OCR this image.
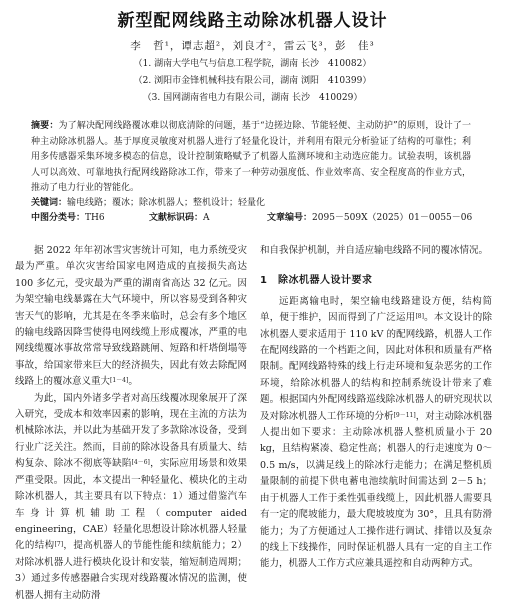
新型配网线路主动除冰机器人设计
李　哲¹，谭志超²，刘良才²，雷云飞³，彭　佳³
（1. 湖南大学电气与信息工程学院，湖南 长沙　410082）
（2. 浏阳市金锋机械科技有限公司，湖南 浏阳　410399）
（3. 国网湖南省电力有限公司，湖南 长沙　410029）
摘要：为了解决配网线路覆冰难以彻底清除的问题，基于“边搓边除、节能轻便、主动防护”的原则，设计了一种主动除冰机器人。基于厚度灵敏度对机器人进行了轻量化设计，并利用有限元分析验证了结构的可靠性；利用多传感器采集环境多模态的信息，设计控制策略赋予了机器人监测环境和主动选应能力。试验表明，该机器人可以高效、可靠地执行配网线路除冰工作，带来了一种劳动强度低、作业效率高、安全程度高的作业方式，推动了电力行业的智能化。
关键词：输电线路；覆冰；除冰机器人；整机设计；轻量化
中图分类号：TH6	文献标识码：A	文章编号：2095－509X（2025）01－0055－06

据 2022 年年初冰雪灾害统计可知，电力系统受灾最为严重。单次灾害给国家电网造成的直接损失高达 100 多亿元，受灾最为严重的湖南省高达 32 亿元。因为架空输电线暴露在大气环境中，所以容易受到各种灾害天气的影响，尤其是在冬季来临时，总会有多个地区的输电线路因降雪使得电网线缆上形成覆冰，严重的电网线缆覆冰事故常常导致线路跳闸、短路和杆塔倒塌等事故，给国家带来巨大的经济损失，因此有效去除配网线路上的覆冰意义重大[1－4]。

为此，国内外诸多学者对高压线覆冰现象展开了深入研究，受成本和效率因素的影响，现在主流的方法为机械除冰法，并以此为基础开发了多款除冰设备，受到行业广泛关注。然而，目前的除冰设备具有质量大、结构复杂、除冰不彻底等缺陷[4－6]，实际应用场景和效果严重受限。因此，本文提出一种轻量化、模块化的主动除冰机器人，其主要具有以下特点：1）通过借鉴汽车车身计算机辅助工程（computer aided engineering，CAE）轻量化思想设计除冰机器人轻量化的结构[7]，提高机器人的节能性能和续航能力；2）对除冰机器人进行模块化设计和安装，缩短制造周期；3）通过多传感器融合实现对线路覆冰情况的监测，使机器人拥有主动防滑

和自我保护机制，并自适应输电线路不同的覆冰情况。

1　除冰机器人设计要求

远距离输电时，架空输电线路建设方便，结构简单，便于维护，因而得到了广泛运用[8]。本文设计的除冰机器人要求适用于 110 kV 的配网线路，机器人工作在配网线路的一个档距之间，因此对体积和质量有严格限制。配网线路特殊的线上行走环境和复杂恶劣的工作环境，给除冰机器人的结构和控制系统设计带来了难题。根据国内外配网线路巡线除冰机器人的研究现状以及对除冰机器人工作环境的分析[9－11]，对主动除冰机器人提出如下要求：主动除冰机器人整机质量小于 20 kg，且结构紧凑、稳定性高；机器人的行走速度为 0～0.5 m/s，以满足线上的除冰行走能力；在满足整机质量限制的前提下供电蓄电池续航时间需达到 2－5 h；由于机器人工作于柔性弧垂线缆上，因此机器人需要具有一定的爬坡能力，最大爬坡坡度为 30°，且具有防滑能力；为了方便通过人工操作进行调试、排错以及复杂的线上下线操作，同时保证机器人具有一定的自主工作能力，机器人工作方式应兼具遥控和自动两种方式。
